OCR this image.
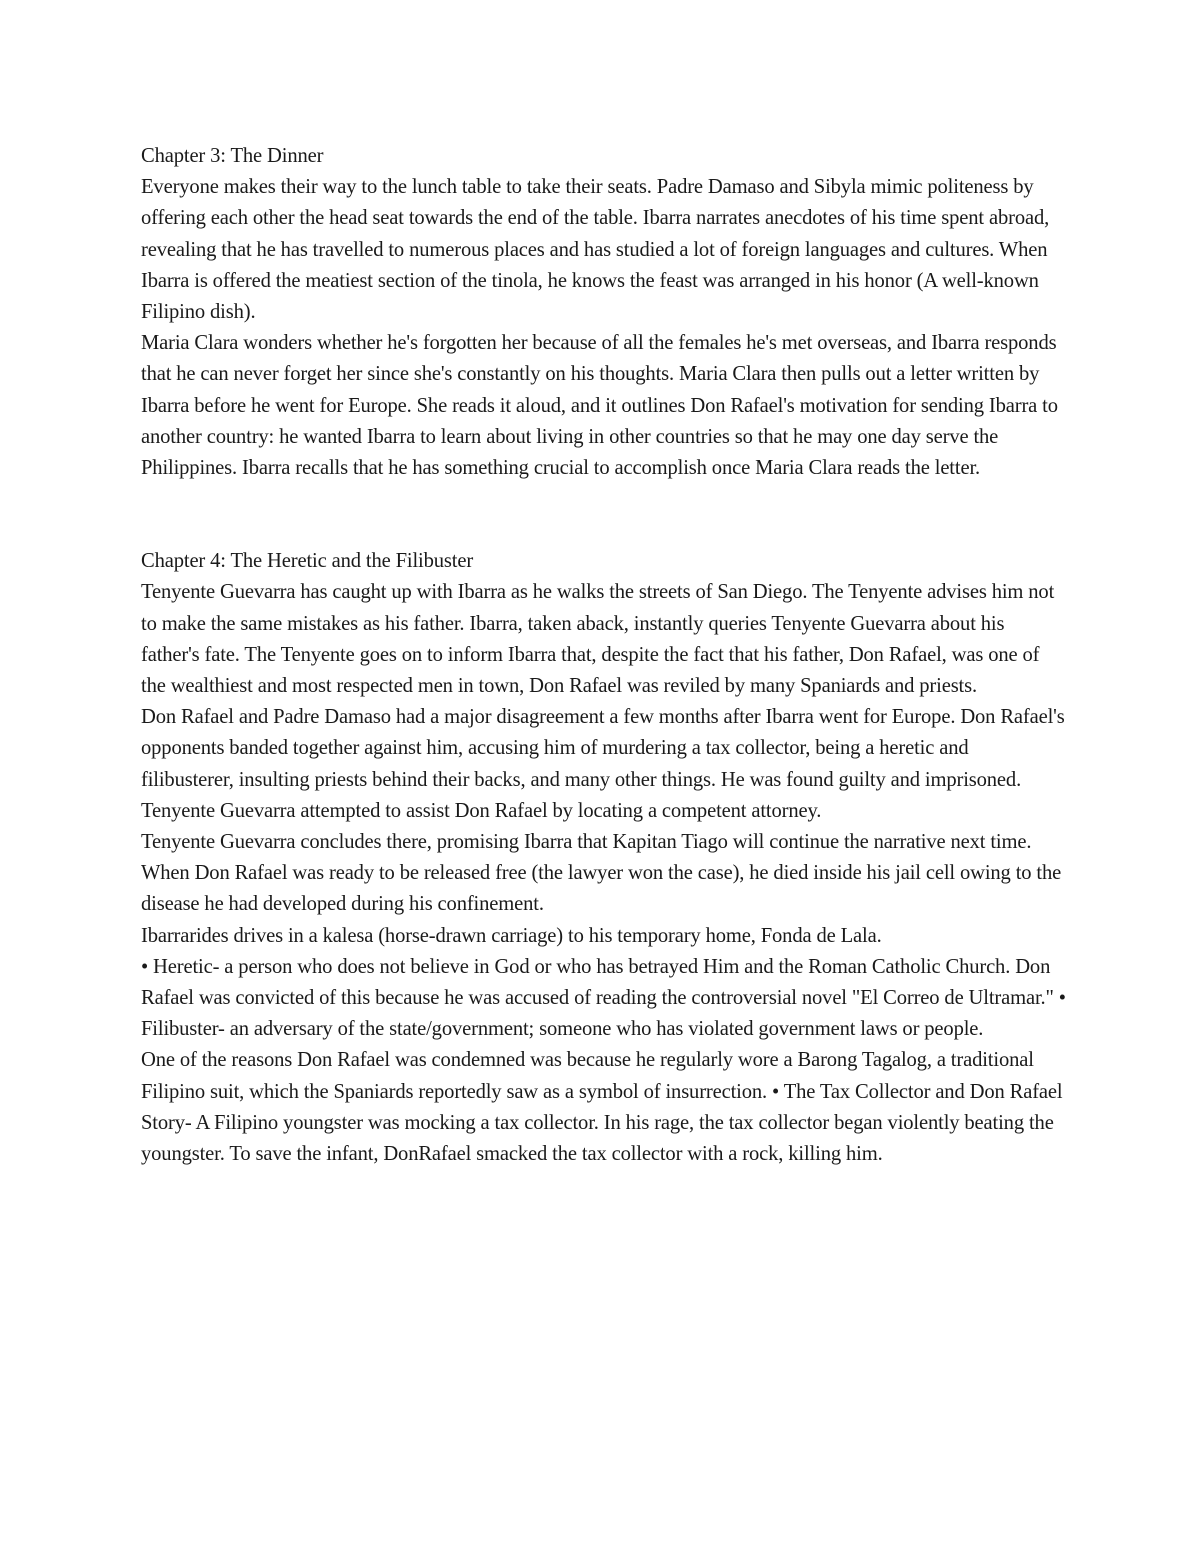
Chapter 3: The Dinner

Everyone makes their way to the lunch table to take their seats. Padre Damaso and Sibyla mimic politeness by offering each other the head seat towards the end of the table. Ibarra narrates anecdotes of his time spent abroad, revealing that he has travelled to numerous places and has studied a lot of foreign languages and cultures. When Ibarra is offered the meatiest section of the tinola, he knows the feast was arranged in his honor (A well-known Filipino dish).

Maria Clara wonders whether he's forgotten her because of all the females he's met overseas, and Ibarra responds that he can never forget her since she's constantly on his thoughts. Maria Clara then pulls out a letter written by Ibarra before he went for Europe. She reads it aloud, and it outlines Don Rafael's motivation for sending Ibarra to another country: he wanted Ibarra to learn about living in other countries so that he may one day serve the Philippines. Ibarra recalls that he has something crucial to accomplish once Maria Clara reads the letter.

Chapter 4: The Heretic and the Filibuster

Tenyente Guevarra has caught up with Ibarra as he walks the streets of San Diego. The Tenyente advises him not to make the same mistakes as his father. Ibarra, taken aback, instantly queries Tenyente Guevarra about his father's fate. The Tenyente goes on to inform Ibarra that, despite the fact that his father, Don Rafael, was one of the wealthiest and most respected men in town, Don Rafael was reviled by many Spaniards and priests.

Don Rafael and Padre Damaso had a major disagreement a few months after Ibarra went for Europe. Don Rafael's opponents banded together against him, accusing him of murdering a tax collector, being a heretic and filibusterer, insulting priests behind their backs, and many other things. He was found guilty and imprisoned. Tenyente Guevarra attempted to assist Don Rafael by locating a competent attorney.

Tenyente Guevarra concludes there, promising Ibarra that Kapitan Tiago will continue the narrative next time. When Don Rafael was ready to be released free (the lawyer won the case), he died inside his jail cell owing to the disease he had developed during his confinement.

Ibarrarides drives in a kalesa (horse-drawn carriage) to his temporary home, Fonda de Lala.

• Heretic- a person who does not believe in God or who has betrayed Him and the Roman Catholic Church. Don Rafael was convicted of this because he was accused of reading the controversial novel "El Correo de Ultramar." • Filibuster- an adversary of the state/government; someone who has violated government laws or people.

One of the reasons Don Rafael was condemned was because he regularly wore a Barong Tagalog, a traditional Filipino suit, which the Spaniards reportedly saw as a symbol of insurrection. • The Tax Collector and Don Rafael Story- A Filipino youngster was mocking a tax collector. In his rage, the tax collector began violently beating the youngster. To save the infant, DonRafael smacked the tax collector with a rock, killing him.
